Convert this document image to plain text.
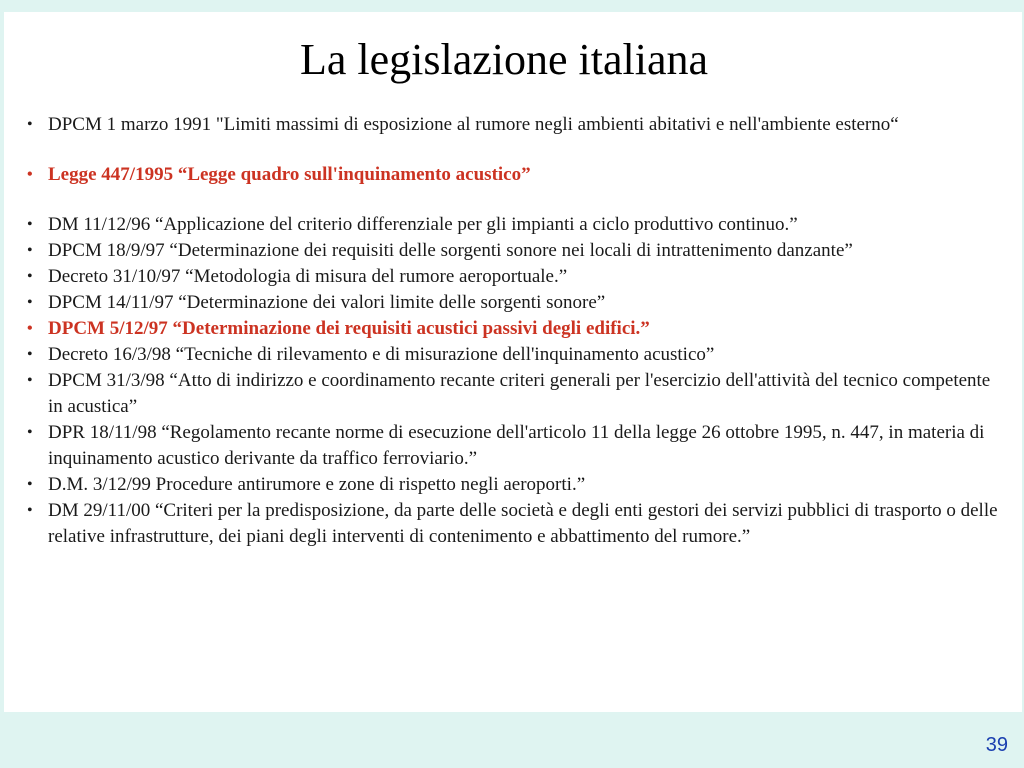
La legislazione italiana
• DPCM 1 marzo 1991 "Limiti massimi di esposizione al rumore negli ambienti abitativi e nell'ambiente esterno“
• Legge 447/1995 “Legge quadro sull'inquinamento acustico”
• DM 11/12/96 “Applicazione del criterio differenziale per gli impianti a ciclo produttivo continuo.”
• DPCM 18/9/97 “Determinazione dei requisiti delle sorgenti sonore nei locali di intrattenimento danzante”
• Decreto 31/10/97 “Metodologia di misura del rumore aeroportuale.”
• DPCM 14/11/97 “Determinazione dei valori limite delle sorgenti sonore”
• DPCM 5/12/97 “Determinazione dei requisiti acustici passivi degli edifici.”
• Decreto 16/3/98 “Tecniche di rilevamento e di misurazione dell'inquinamento acustico”
• DPCM 31/3/98 “Atto di indirizzo e coordinamento recante criteri generali per l'esercizio dell'attività del tecnico competente in acustica”
• DPR 18/11/98 “Regolamento recante norme di esecuzione dell'articolo 11 della legge 26 ottobre 1995, n. 447, in materia di inquinamento acustico derivante da traffico ferroviario.”
• D.M. 3/12/99 Procedure antirumore e zone di rispetto negli aeroporti.”
• DM 29/11/00 “Criteri per la predisposizione, da parte delle società e degli enti gestori dei servizi pubblici di trasporto o delle relative infrastrutture, dei piani degli interventi di contenimento e abbattimento del rumore.”
39
